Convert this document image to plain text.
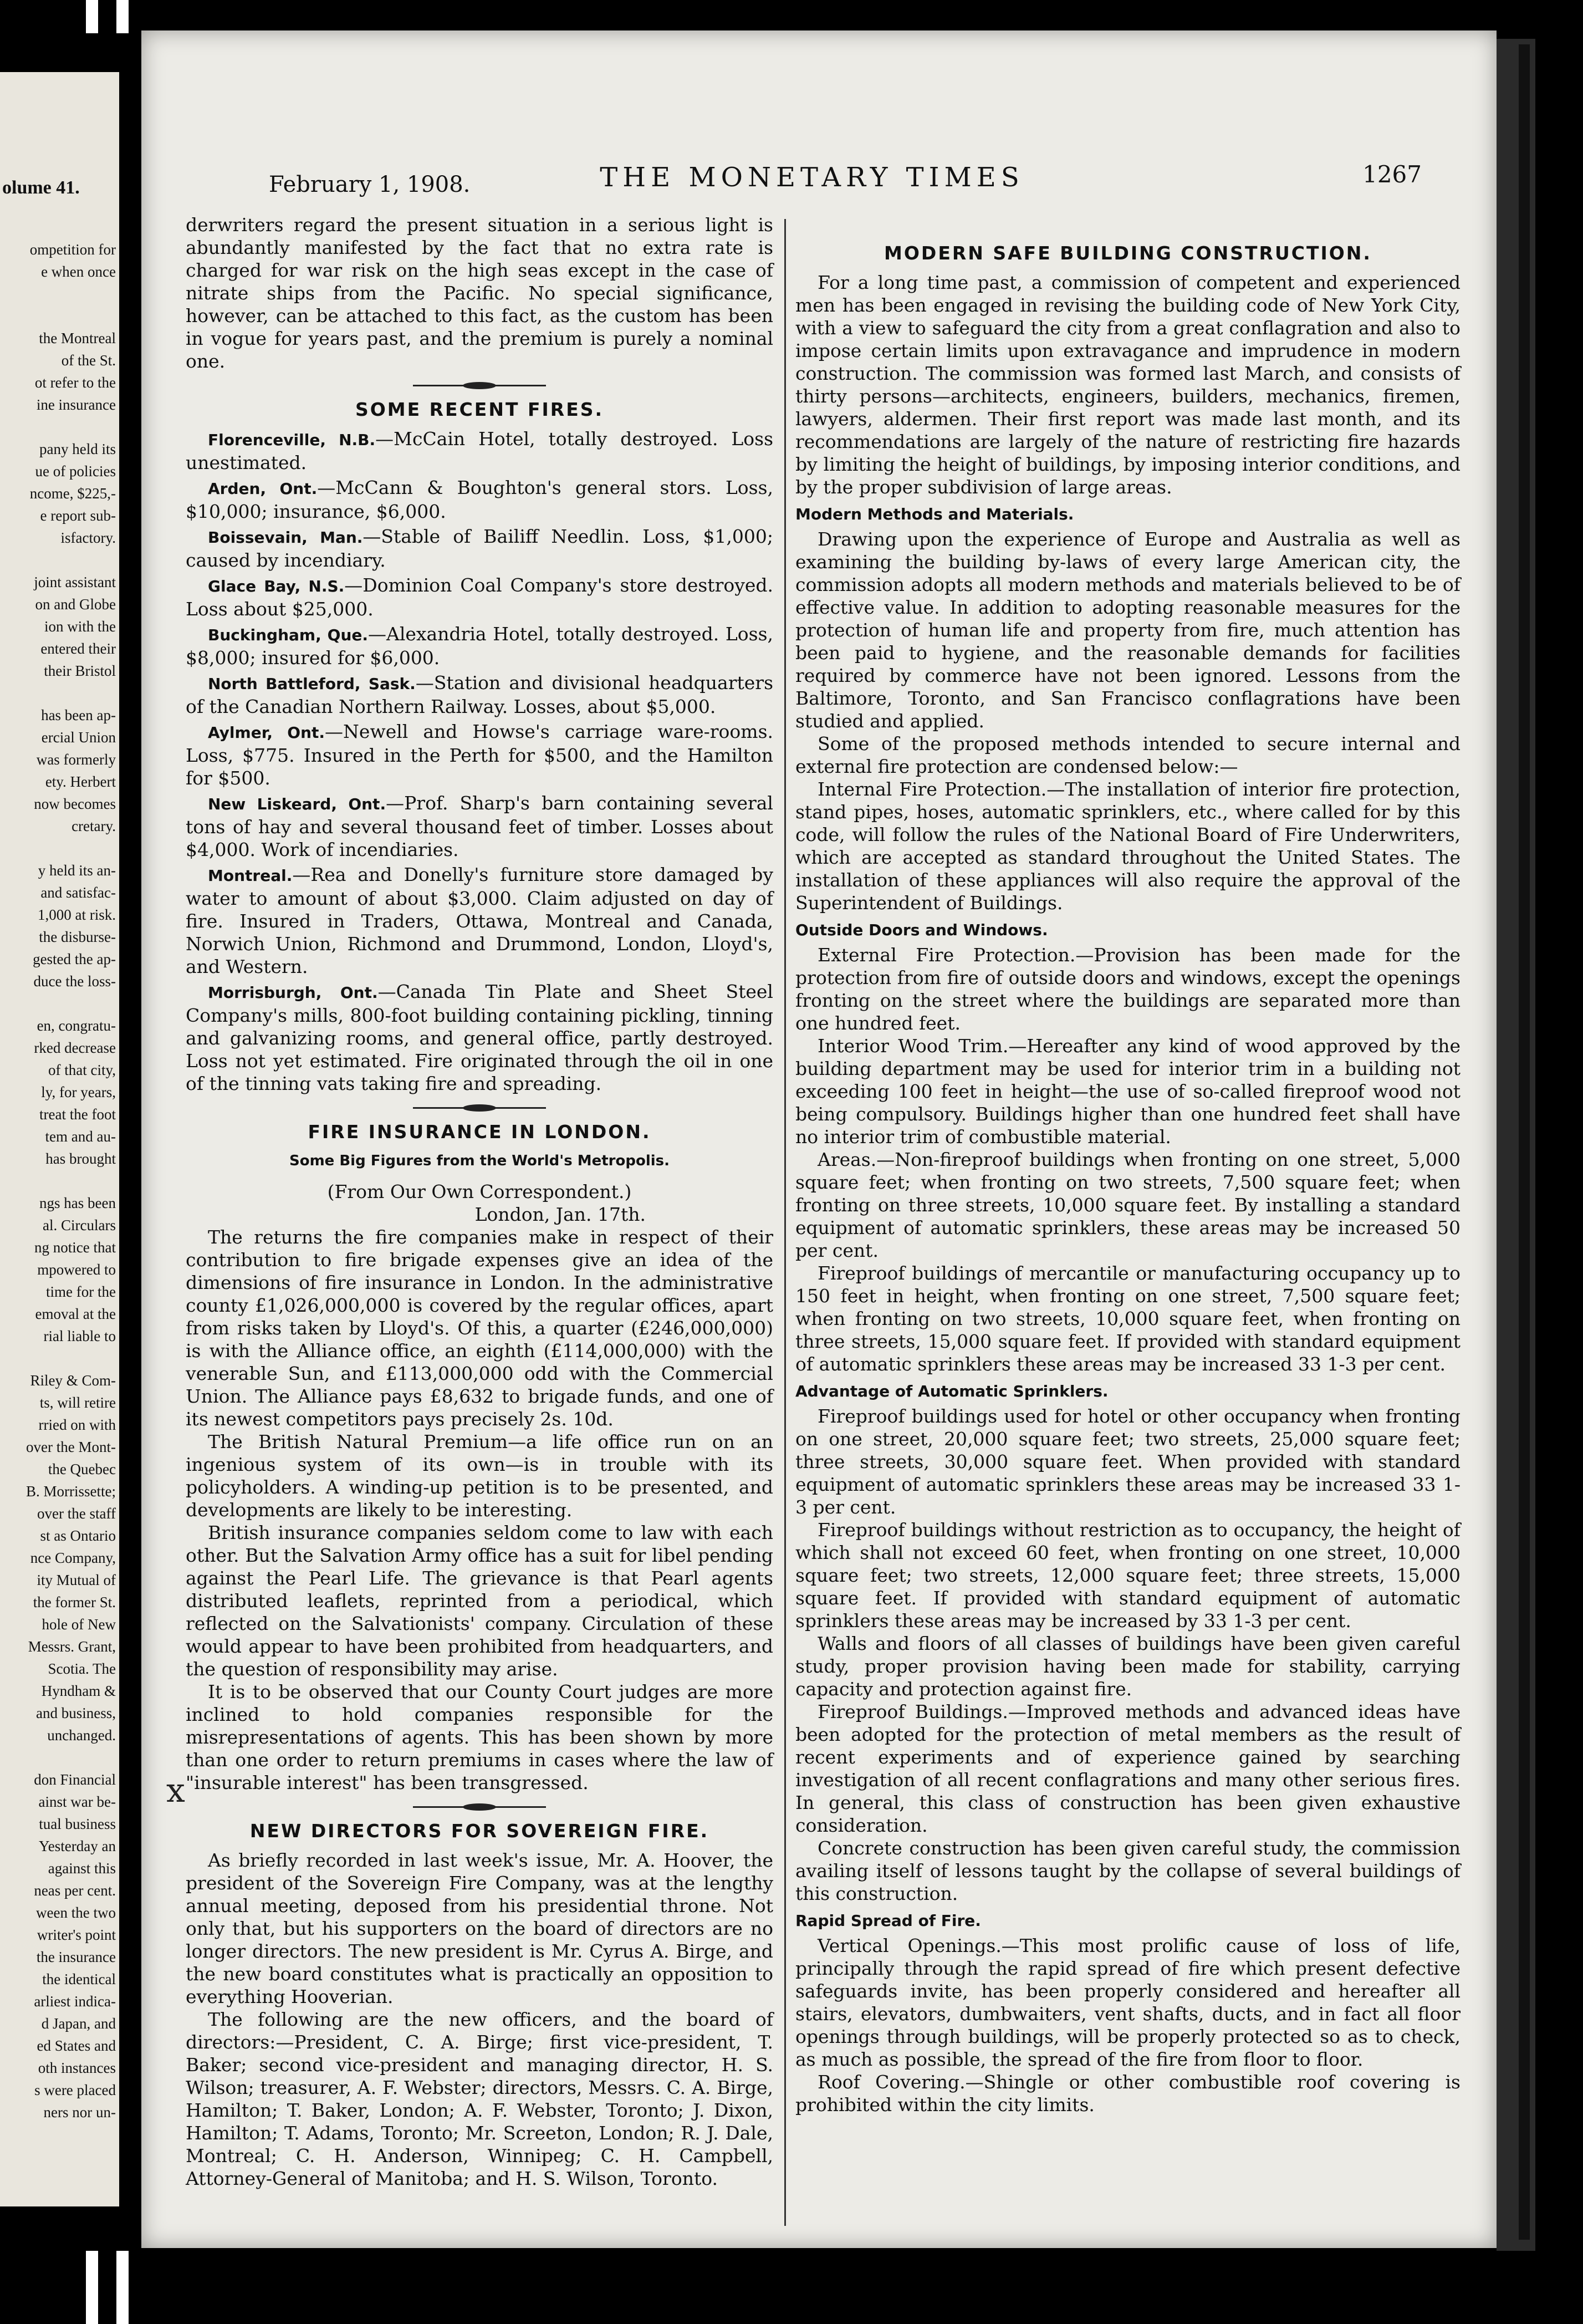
olume 41.
ompetition for
e when once
the Montreal
of the St.
ot refer to the
ine insurance
pany held its
ue of policies
ncome, $225,-
e report sub-
isfactory.
joint assistant
on and Globe
ion with the
entered their
their Bristol
has been ap-
ercial Union
was formerly
ety. Herbert
now becomes
cretary.
y held its an-
and satisfac-
1,000 at risk.
the disburse-
gested the ap-
duce the loss-
en, congratu-
rked decrease
of that city,
ly, for years,
treat the foot
tem and au-
has brought
ngs has been
al. Circulars
ng notice that
mpowered to
time for the
emoval at the
rial liable to
Riley & Com-
ts, will retire
rried on with
over the Mont-
the Quebec
B. Morrissette;
over the staff
st as Ontario
nce Company,
ity Mutual of
the former St.
hole of New
Messrs. Grant,
Scotia. The
Hyndham &
and business,
unchanged.
don Financial
ainst war be-
tual business
Yesterday an
against this
neas per cent.
ween the two
writer's point
the insurance
the identical
arliest indica-
d Japan, and
ed States and
oth instances
s were placed
ners nor un-
February 1, 1908.	THE MONETARY TIMES	1267

derwriters regard the present situation in a serious light is abundantly manifested by the fact that no extra rate is charged for war risk on the high seas except in the case of nitrate ships from the Pacific. No special significance, however, can be attached to this fact, as the custom has been in vogue for years past, and the premium is purely a nominal one.

SOME RECENT FIRES.

Florenceville, N.B.—McCain Hotel, totally destroyed. Loss unestimated.

Arden, Ont.—McCann & Boughton's general stors. Loss, $10,000; insurance, $6,000.

Boissevain, Man.—Stable of Bailiff Needlin. Loss, $1,000; caused by incendiary.

Glace Bay, N.S.—Dominion Coal Company's store destroyed. Loss about $25,000.

Buckingham, Que.—Alexandria Hotel, totally destroyed. Loss, $8,000; insured for $6,000.

North Battleford, Sask.—Station and divisional headquarters of the Canadian Northern Railway. Losses, about $5,000.

Aylmer, Ont.—Newell and Howse's carriage ware-rooms. Loss, $775. Insured in the Perth for $500, and the Hamilton for $500.

New Liskeard, Ont.—Prof. Sharp's barn containing several tons of hay and several thousand feet of timber. Losses about $4,000. Work of incendiaries.

Montreal.—Rea and Donelly's furniture store damaged by water to amount of about $3,000. Claim adjusted on day of fire. Insured in Traders, Ottawa, Montreal and Canada, Norwich Union, Richmond and Drummond, London, Lloyd's, and Western.

Morrisburgh, Ont.—Canada Tin Plate and Sheet Steel Company's mills, 800-foot building containing pickling, tinning and galvanizing rooms, and general office, partly destroyed. Loss not yet estimated. Fire originated through the oil in one of the tinning vats taking fire and spreading.

FIRE INSURANCE IN LONDON.
Some Big Figures from the World's Metropolis.

(From Our Own Correspondent.)

London, Jan. 17th.

The returns the fire companies make in respect of their contribution to fire brigade expenses give an idea of the dimensions of fire insurance in London. In the administrative county £1,026,000,000 is covered by the regular offices, apart from risks taken by Lloyd's. Of this, a quarter (£246,000,000) is with the Alliance office, an eighth (£114,000,000) with the venerable Sun, and £113,000,000 odd with the Commercial Union. The Alliance pays £8,632 to brigade funds, and one of its newest competitors pays precisely 2s. 10d.

The British Natural Premium—a life office run on an ingenious system of its own—is in trouble with its policyholders. A winding-up petition is to be presented, and developments are likely to be interesting.

British insurance companies seldom come to law with each other. But the Salvation Army office has a suit for libel pending against the Pearl Life. The grievance is that Pearl agents distributed leaflets, reprinted from a periodical, which reflected on the Salvationists' company. Circulation of these would appear to have been prohibited from headquarters, and the question of responsibility may arise.

It is to be observed that our County Court judges are more inclined to hold companies responsible for the misrepresentations of agents. This has been shown by more than one order to return premiums in cases where the law of "insurable interest" has been transgressed.

NEW DIRECTORS FOR SOVEREIGN FIRE.

As briefly recorded in last week's issue, Mr. A. Hoover, the president of the Sovereign Fire Company, was at the lengthy annual meeting, deposed from his presidential throne. Not only that, but his supporters on the board of directors are no longer directors. The new president is Mr. Cyrus A. Birge, and the new board constitutes what is practically an opposition to everything Hooverian.

The following are the new officers, and the board of directors:—President, C. A. Birge; first vice-president, T. Baker; second vice-president and managing director, H. S. Wilson; treasurer, A. F. Webster; directors, Messrs. C. A. Birge, Hamilton; T. Baker, London; A. F. Webster, Toronto; J. Dixon, Hamilton; T. Adams, Toronto; Mr. Screeton, London; R. J. Dale, Montreal; C. H. Anderson, Winnipeg; C. H. Campbell, Attorney-General of Manitoba; and H. S. Wilson, Toronto.

MODERN SAFE BUILDING CONSTRUCTION.

For a long time past, a commission of competent and experienced men has been engaged in revising the building code of New York City, with a view to safeguard the city from a great conflagration and also to impose certain limits upon extravagance and imprudence in modern construction. The commission was formed last March, and consists of thirty persons—architects, engineers, builders, mechanics, firemen, lawyers, aldermen. Their first report was made last month, and its recommendations are largely of the nature of restricting fire hazards by limiting the height of buildings, by imposing interior conditions, and by the proper subdivision of large areas.

Modern Methods and Materials.

Drawing upon the experience of Europe and Australia as well as examining the building by-laws of every large American city, the commission adopts all modern methods and materials believed to be of effective value. In addition to adopting reasonable measures for the protection of human life and property from fire, much attention has been paid to hygiene, and the reasonable demands for facilities required by commerce have not been ignored. Lessons from the Baltimore, Toronto, and San Francisco conflagrations have been studied and applied.

Some of the proposed methods intended to secure internal and external fire protection are condensed below:—

Internal Fire Protection.—The installation of interior fire protection, stand pipes, hoses, automatic sprinklers, etc., where called for by this code, will follow the rules of the National Board of Fire Underwriters, which are accepted as standard throughout the United States. The installation of these appliances will also require the approval of the Superintendent of Buildings.

Outside Doors and Windows.

External Fire Protection.—Provision has been made for the protection from fire of outside doors and windows, except the openings fronting on the street where the buildings are separated more than one hundred feet.

Interior Wood Trim.—Hereafter any kind of wood approved by the building department may be used for interior trim in a building not exceeding 100 feet in height—the use of so-called fireproof wood not being compulsory. Buildings higher than one hundred feet shall have no interior trim of combustible material.

Areas.—Non-fireproof buildings when fronting on one street, 5,000 square feet; when fronting on two streets, 7,500 square feet; when fronting on three streets, 10,000 square feet. By installing a standard equipment of automatic sprinklers, these areas may be increased 50 per cent.

Fireproof buildings of mercantile or manufacturing occupancy up to 150 feet in height, when fronting on one street, 7,500 square feet; when fronting on two streets, 10,000 square feet, when fronting on three streets, 15,000 square feet. If provided with standard equipment of automatic sprinklers these areas may be increased 33 1-3 per cent.

Advantage of Automatic Sprinklers.

Fireproof buildings used for hotel or other occupancy when fronting on one street, 20,000 square feet; two streets, 25,000 square feet; three streets, 30,000 square feet. When provided with standard equipment of automatic sprinklers these areas may be increased 33 1-3 per cent.

Fireproof buildings without restriction as to occupancy, the height of which shall not exceed 60 feet, when fronting on one street, 10,000 square feet; two streets, 12,000 square feet; three streets, 15,000 square feet. If provided with standard equipment of automatic sprinklers these areas may be increased by 33 1-3 per cent.

Walls and floors of all classes of buildings have been given careful study, proper provision having been made for stability, carrying capacity and protection against fire.

Fireproof Buildings.—Improved methods and advanced ideas have been adopted for the protection of metal members as the result of recent experiments and of experience gained by searching investigation of all recent conflagrations and many other serious fires. In general, this class of construction has been given exhaustive consideration.

Concrete construction has been given careful study, the commission availing itself of lessons taught by the collapse of several buildings of this construction.

Rapid Spread of Fire.

Vertical Openings.—This most prolific cause of loss of life, principally through the rapid spread of fire which present defective safeguards invite, has been properly considered and hereafter all stairs, elevators, dumbwaiters, vent shafts, ducts, and in fact all floor openings through buildings, will be properly protected so as to check, as much as possible, the spread of the fire from floor to floor.

Roof Covering.—Shingle or other combustible roof covering is prohibited within the city limits.

x
